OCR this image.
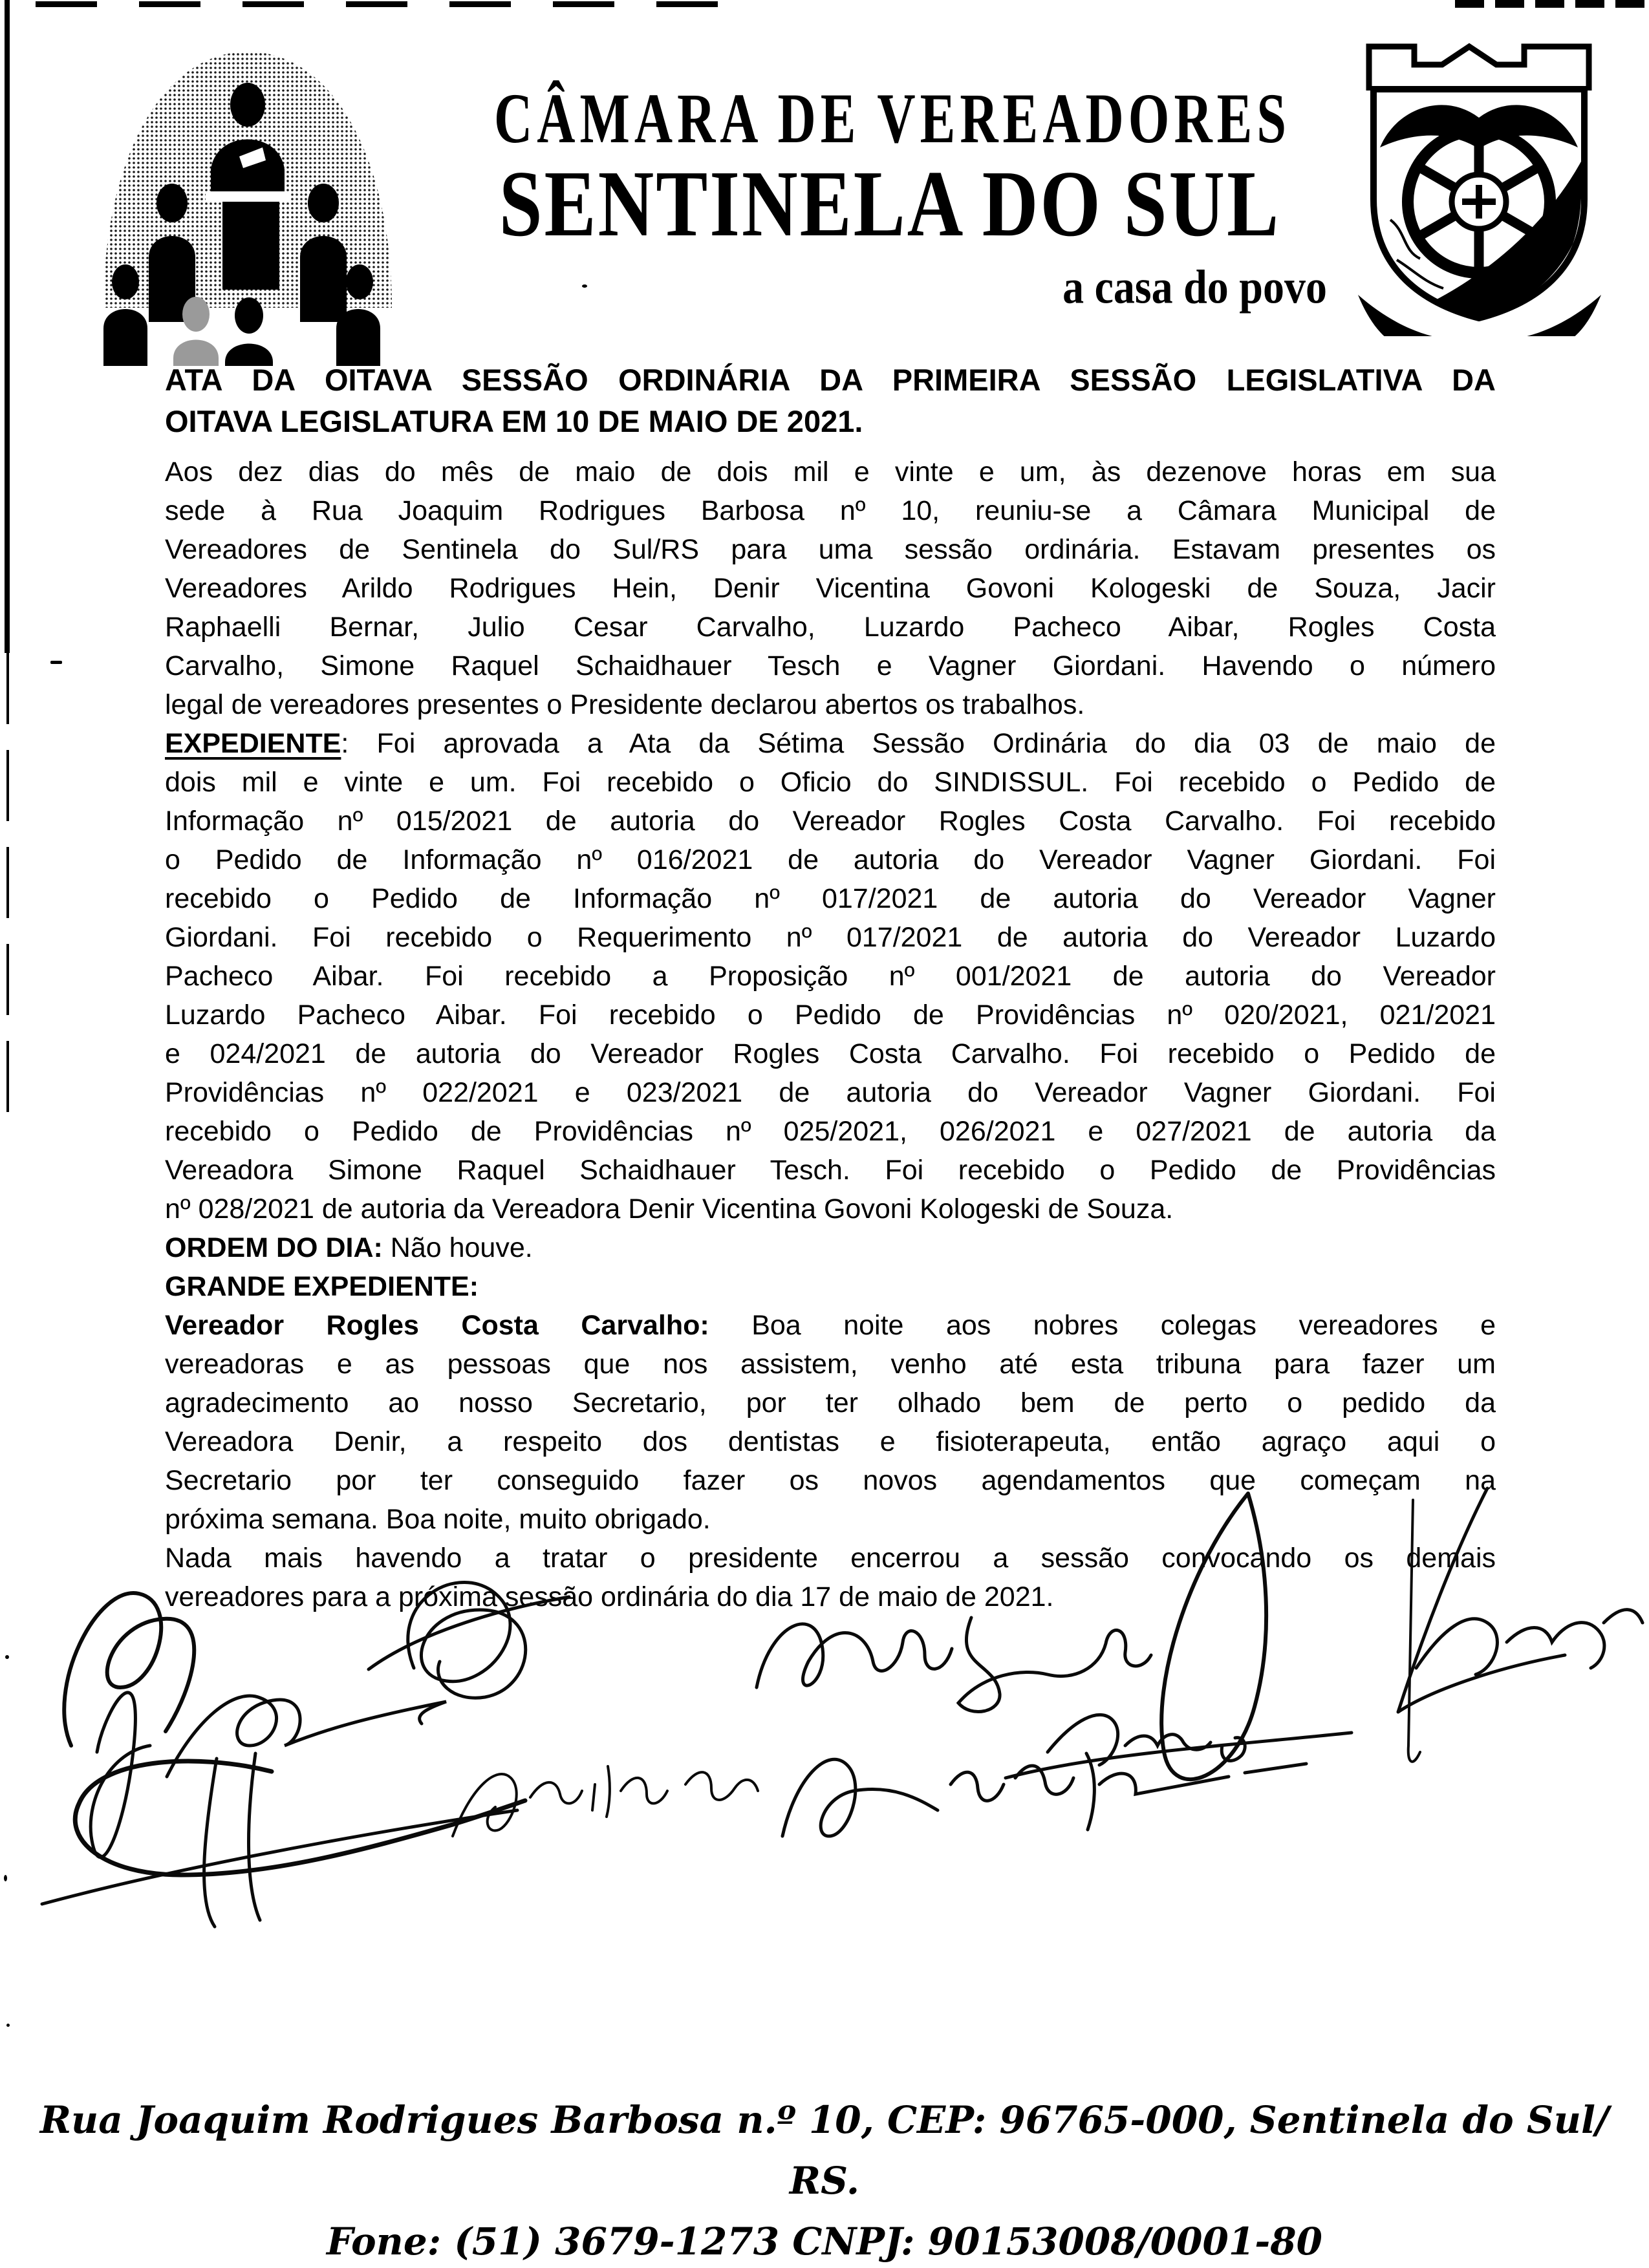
CÂMARA DE VEREADORES
SENTINELA DO SUL
a casa do povo
ATA DA OITAVA SESSÃO ORDINÁRIA DA PRIMEIRA SESSÃO LEGISLATIVA DA
OITAVA LEGISLATURA EM 10 DE MAIO DE 2021.

Aos dez dias do mês de maio de dois mil e vinte e um, às dezenove horas em sua
sede à Rua Joaquim Rodrigues Barbosa nº 10, reuniu-se a Câmara Municipal de
Vereadores de Sentinela do Sul/RS para uma sessão ordinária. Estavam presentes os
Vereadores Arildo Rodrigues Hein, Denir Vicentina Govoni Kologeski de Souza, Jacir
Raphaelli Bernar, Julio Cesar Carvalho, Luzardo Pacheco Aibar, Rogles Costa
Carvalho, Simone Raquel Schaidhauer Tesch e Vagner Giordani. Havendo o número
legal de vereadores presentes o Presidente declarou abertos os trabalhos.

EXPEDIENTE: Foi aprovada a Ata da Sétima Sessão Ordinária do dia 03 de maio de
dois mil e vinte e um. Foi recebido o Oficio do SINDISSUL. Foi recebido o Pedido de
Informação nº 015/2021 de autoria do Vereador Rogles Costa Carvalho. Foi recebido
o Pedido de Informação nº 016/2021 de autoria do Vereador Vagner Giordani. Foi
recebido o Pedido de Informação nº 017/2021 de autoria do Vereador Vagner
Giordani. Foi recebido o Requerimento nº 017/2021 de autoria do Vereador Luzardo
Pacheco Aibar. Foi recebido a Proposição nº 001/2021 de autoria do Vereador
Luzardo Pacheco Aibar. Foi recebido o Pedido de Providências nº 020/2021, 021/2021
e 024/2021 de autoria do Vereador Rogles Costa Carvalho. Foi recebido o Pedido de
Providências nº 022/2021 e 023/2021 de autoria do Vereador Vagner Giordani. Foi
recebido o Pedido de Providências nº 025/2021, 026/2021 e 027/2021 de autoria da
Vereadora Simone Raquel Schaidhauer Tesch. Foi recebido o Pedido de Providências
nº 028/2021 de autoria da Vereadora Denir Vicentina Govoni Kologeski de Souza.

ORDEM DO DIA: Não houve.

GRANDE EXPEDIENTE:

Vereador Rogles Costa Carvalho: Boa noite aos nobres colegas vereadores e
vereadoras e as pessoas que nos assistem, venho até esta tribuna para fazer um
agradecimento ao nosso Secretario, por ter olhado bem de perto o pedido da
Vereadora Denir, a respeito dos dentistas e fisioterapeuta, então agraço aqui o
Secretario por ter conseguido fazer os novos agendamentos que começam na
próxima semana. Boa noite, muito obrigado.

Nada mais havendo a tratar o presidente encerrou a sessão convocando os demais
vereadores para a próxima sessão ordinária do dia 17 de maio de 2021.

Rua Joaquim Rodrigues Barbosa n.º 10, CEP: 96765-000, Sentinela do Sul/ RS.
Fone: (51) 3679-1273 CNPJ: 90153008/0001-80
